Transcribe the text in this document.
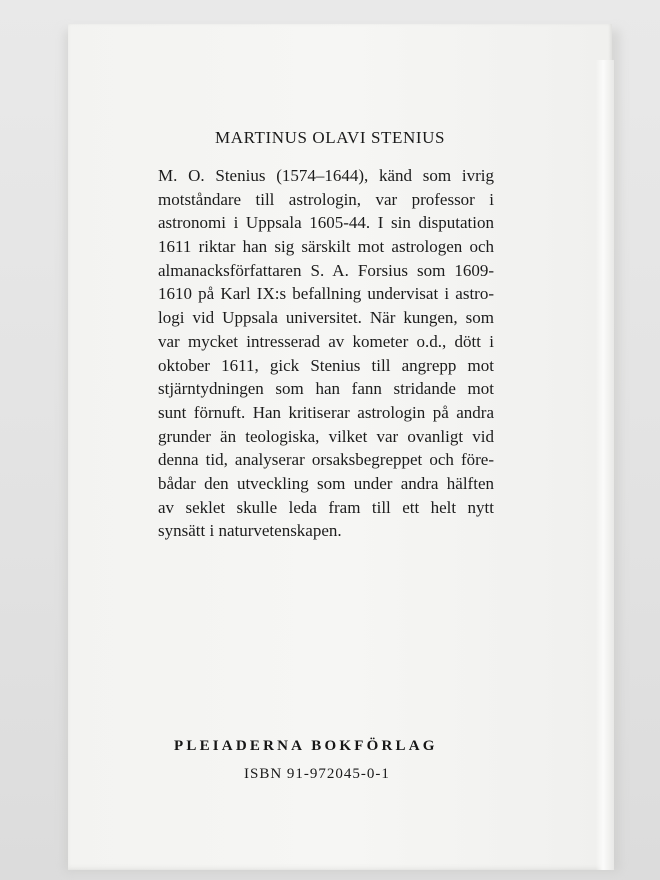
MARTINUS OLAVI STENIUS
M. O. Stenius (1574–1644), känd som ivrig
motståndare till astrologin, var professor i
astronomi i Uppsala 1605-44. I sin disputation
1611 riktar han sig särskilt mot astrologen och
almanacksförfattaren S. A. Forsius som 1609-
1610 på Karl IX:s befallning undervisat i astro-
logi vid Uppsala universitet. När kungen, som
var mycket intresserad av kometer o.d., dött i
oktober 1611, gick Stenius till angrepp mot
stjärntydningen som han fann stridande mot
sunt förnuft. Han kritiserar astrologin på andra
grunder än teologiska, vilket var ovanligt vid
denna tid, analyserar orsaksbegreppet och före-
bådar den utveckling som under andra hälften
av seklet skulle leda fram till ett helt nytt
synsätt i naturvetenskapen.
PLEIADERNA BOKFÖRLAG
ISBN 91-972045-0-1
